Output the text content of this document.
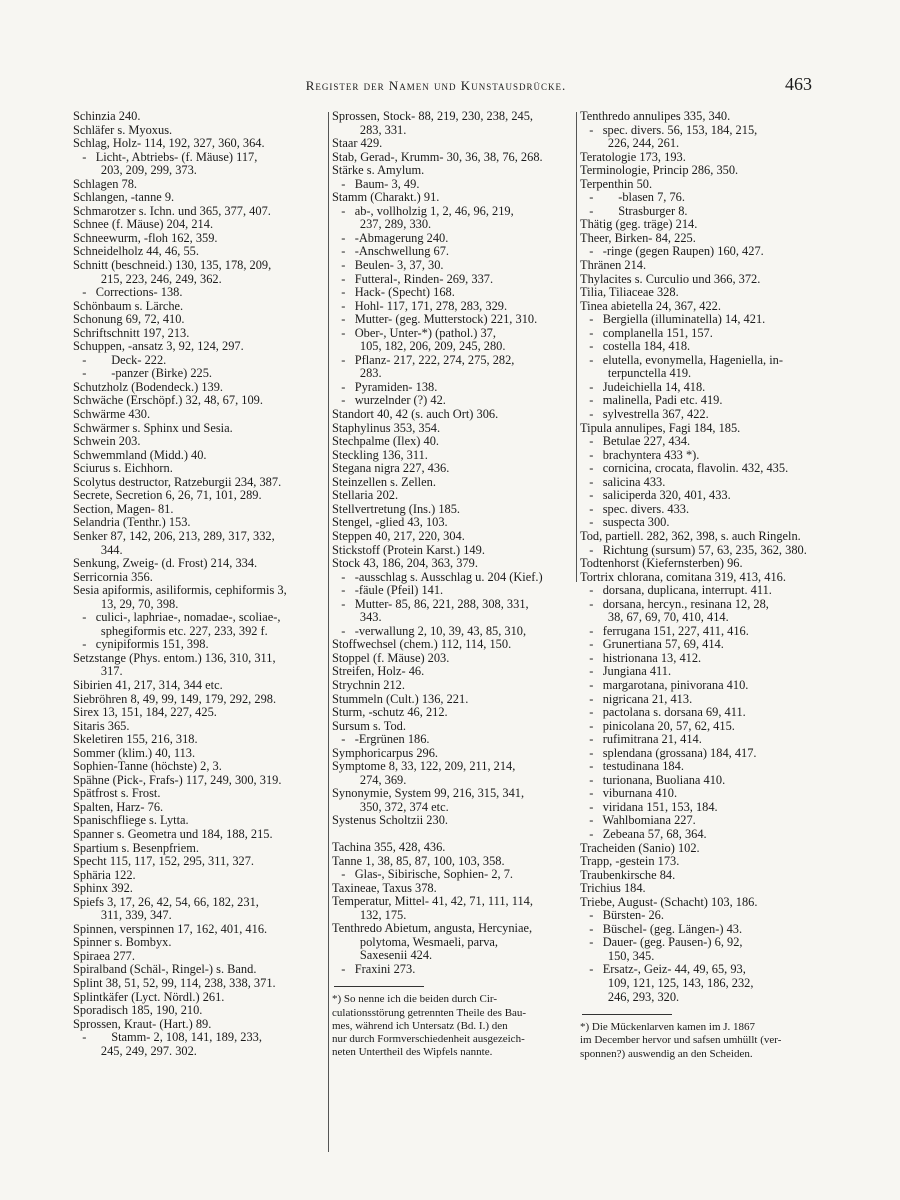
Register der Namen und Kunstausdrücke.	463
Schinzia 240.
Schläfer s. Myoxus.
Schlag, Holz- 114, 192, 327, 360, 364.
-   Licht-, Abtriebs- (f. Mäuse) 117,
203, 209, 299, 373.
Schlagen 78.
Schlangen, -tanne 9.
Schmarotzer s. Ichn. und 365, 377, 407.
Schnee (f. Mäuse) 204, 214.
Schneewurm, -floh 162, 359.
Schneidelholz 44, 46, 55.
Schnitt (beschneid.) 130, 135, 178, 209,
215, 223, 246, 249, 362.
-   Corrections- 138.
Schönbaum s. Lärche.
Schonung 69, 72, 410.
Schriftschnitt 197, 213.
Schuppen, -ansatz 3, 92, 124, 297.
-        Deck- 222.
-        -panzer (Birke) 225.
Schutzholz (Bodendeck.) 139.
Schwäche (Erschöpf.) 32, 48, 67, 109.
Schwärme 430.
Schwärmer s. Sphinx und Sesia.
Schwein 203.
Schwemmland (Midd.) 40.
Sciurus s. Eichhorn.
Scolytus destructor, Ratzeburgii 234, 387.
Secrete, Secretion 6, 26, 71, 101, 289.
Section, Magen- 81.
Selandria (Tenthr.) 153.
Senker 87, 142, 206, 213, 289, 317, 332,
344.
Senkung, Zweig- (d. Frost) 214, 334.
Serricornia 356.
Sesia apiformis, asiliformis, cephiformis 3,
13, 29, 70, 398.
-   culici-, laphriae-, nomadae-, scoliae-,
sphegiformis etc. 227, 233, 392 f.
-   cynipiformis 151, 398.
Setzstange (Phys. entom.) 136, 310, 311,
317.
Sibirien 41, 217, 314, 344 etc.
Siebröhren 8, 49, 99, 149, 179, 292, 298.
Sirex 13, 151, 184, 227, 425.
Sitaris 365.
Skeletiren 155, 216, 318.
Sommer (klim.) 40, 113.
Sophien-Tanne (höchste) 2, 3.
Spähne (Pick-, Frafs-) 117, 249, 300, 319.
Spätfrost s. Frost.
Spalten, Harz- 76.
Spanischfliege s. Lytta.
Spanner s. Geometra und 184, 188, 215.
Spartium s. Besenpfriem.
Specht 115, 117, 152, 295, 311, 327.
Sphäria 122.
Sphinx 392.
Spiefs 3, 17, 26, 42, 54, 66, 182, 231,
311, 339, 347.
Spinnen, verspinnen 17, 162, 401, 416.
Spinner s. Bombyx.
Spiraea 277.
Spiralband (Schäl-, Ringel-) s. Band.
Splint 38, 51, 52, 99, 114, 238, 338, 371.
Splintkäfer (Lyct. Nördl.) 261.
Sporadisch 185, 190, 210.
Sprossen, Kraut- (Hart.) 89.
-        Stamm- 2, 108, 141, 189, 233,
245, 249, 297. 302.
Sprossen, Stock- 88, 219, 230, 238, 245,
283, 331.
Staar 429.
Stab, Gerad-, Krumm- 30, 36, 38, 76, 268.
Stärke s. Amylum.
-   Baum- 3, 49.
Stamm (Charakt.) 91.
-   ab-, vollholzig 1, 2, 46, 96, 219,
237, 289, 330.
-   -Abmagerung 240.
-   -Anschwellung 67.
-   Beulen- 3, 37, 30.
-   Futteral-, Rinden- 269, 337.
-   Hack- (Specht) 168.
-   Hohl- 117, 171, 278, 283, 329.
-   Mutter- (geg. Mutterstock) 221, 310.
-   Ober-, Unter-*) (pathol.) 37,
105, 182, 206, 209, 245, 280.
-   Pflanz- 217, 222, 274, 275, 282,
283.
-   Pyramiden- 138.
-   wurzelnder (?) 42.
Standort 40, 42 (s. auch Ort) 306.
Staphylinus 353, 354.
Stechpalme (Ilex) 40.
Steckling 136, 311.
Stegana nigra 227, 436.
Steinzellen s. Zellen.
Stellaria 202.
Stellvertretung (Ins.) 185.
Stengel, -glied 43, 103.
Steppen 40, 217, 220, 304.
Stickstoff (Protein Karst.) 149.
Stock 43, 186, 204, 363, 379.
-   -ausschlag s. Ausschlag u. 204 (Kief.)
-   -fäule (Pfeil) 141.
-   Mutter- 85, 86, 221, 288, 308, 331,
343.
-   -verwallung 2, 10, 39, 43, 85, 310,
Stoffwechsel (chem.) 112, 114, 150.
Stoppel (f. Mäuse) 203.
Streifen, Holz- 46.
Strychnin 212.
Stummeln (Cult.) 136, 221.
Sturm, -schutz 46, 212.
Sursum s. Tod.
-   -Ergrünen 186.
Symphoricarpus 296.
Symptome 8, 33, 122, 209, 211, 214,
274, 369.
Synonymie, System 99, 216, 315, 341,
350, 372, 374 etc.
Systenus Scholtzii 230.
Tachina 355, 428, 436.
Tanne 1, 38, 85, 87, 100, 103, 358.
-   Glas-, Sibirische, Sophien- 2, 7.
Taxineae, Taxus 378.
Temperatur, Mittel- 41, 42, 71, 111, 114,
132, 175.
Tenthredo Abietum, angusta, Hercyniae,
polytoma, Wesmaeli, parva,
Saxesenii 424.
-   Fraxini 273.

*) So nenne ich die beiden durch Cir-

culationsstörung getrennten Theile des Bau-

mes, während ich Untersatz (Bd. I.) den

nur durch Formverschiedenheit ausgezeich-

neten Untertheil des Wipfels nannte.

Tenthredo annulipes 335, 340.
-   spec. divers. 56, 153, 184, 215,
226, 244, 261.
Teratologie 173, 193.
Terminologie, Princip 286, 350.
Terpenthin 50.
-        -blasen 7, 76.
-        Strasburger 8.
Thätig (geg. träge) 214.
Theer, Birken- 84, 225.
-   -ringe (gegen Raupen) 160, 427.
Thränen 214.
Thylacites s. Curculio und 366, 372.
Tilia, Tiliaceae 328.
Tinea abietella 24, 367, 422.
-   Bergiella (illuminatella) 14, 421.
-   complanella 151, 157.
-   costella 184, 418.
-   elutella, evonymella, Hageniella, in-
terpunctella 419.
-   Judeichiella 14, 418.
-   malinella, Padi etc. 419.
-   sylvestrella 367, 422.
Tipula annulipes, Fagi 184, 185.
-   Betulae 227, 434.
-   brachyntera 433 *).
-   cornicina, crocata, flavolin. 432, 435.
-   salicina 433.
-   saliciperda 320, 401, 433.
-   spec. divers. 433.
-   suspecta 300.
Tod, partiell. 282, 362, 398, s. auch Ringeln.
-   Richtung (sursum) 57, 63, 235, 362, 380.
Todtenhorst (Kiefernsterben) 96.
Tortrix chlorana, comitana 319, 413, 416.
-   dorsana, duplicana, interrupt. 411.
-   dorsana, hercyn., resinana 12, 28,
38, 67, 69, 70, 410, 414.
-   ferrugana 151, 227, 411, 416.
-   Grunertiana 57, 69, 414.
-   histrionana 13, 412.
-   Jungiana 411.
-   margarotana, pinivorana 410.
-   nigricana 21, 413.
-   pactolana s. dorsana 69, 411.
-   pinicolana 20, 57, 62, 415.
-   rufimitrana 21, 414.
-   splendana (grossana) 184, 417.
-   testudinana 184.
-   turionana, Buoliana 410.
-   viburnana 410.
-   viridana 151, 153, 184.
-   Wahlbomiana 227.
-   Zebeana 57, 68, 364.
Tracheiden (Sanio) 102.
Trapp, -gestein 173.
Traubenkirsche 84.
Trichius 184.
Triebe, August- (Schacht) 103, 186.
-   Bürsten- 26.
-   Büschel- (geg. Längen-) 43.
-   Dauer- (geg. Pausen-) 6, 92,
150, 345.
-   Ersatz-, Geiz- 44, 49, 65, 93,
109, 121, 125, 143, 186, 232,
246, 293, 320.

*) Die Mückenlarven kamen im J. 1867

im December hervor und safsen umhüllt (ver-

sponnen?) auswendig an den Scheiden.
